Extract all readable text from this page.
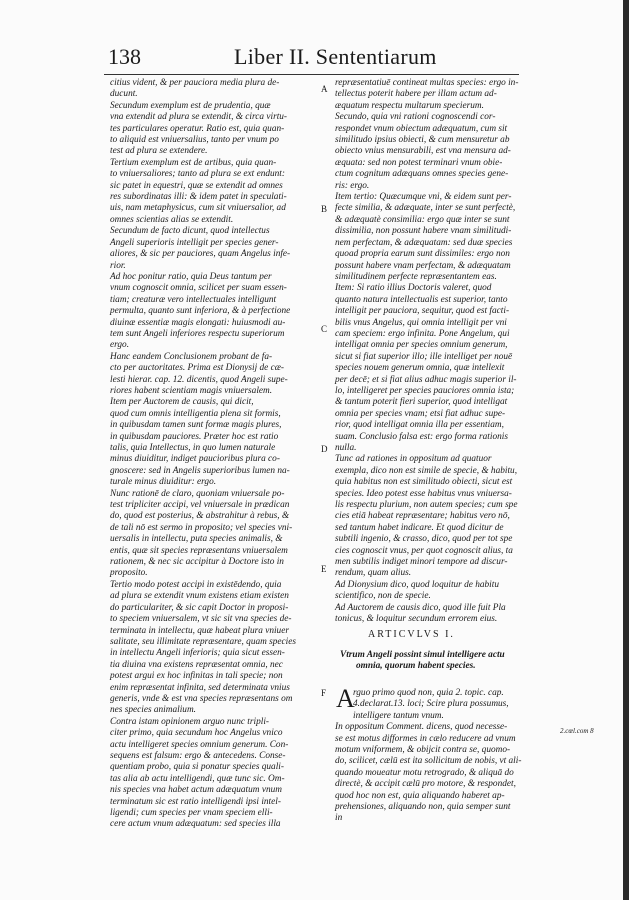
138	Liber II. Sententiarum

citius vident, & per pauciora media plura de-

ducunt.

Secundum exemplum est de prudentia, quæ

vna extendit ad plura se extendit, & circa virtu-

tes particulares operatur. Ratio est, quia quan-

to aliquid est vniuersalius, tanto per vnum po

test ad plura se extendere.

Tertium exemplum est de artibus, quia quan-

to vniuersaliores; tanto ad plura se ext endunt:

sic patet in equestri, quæ se extendit ad omnes

res subordinatas illi: & idem patet in speculati-

uis, nam metaphysicus, cum sit vniuersalior, ad

omnes scientias alias se extendit.

Secundum de facto dicunt, quod intellectus

Angeli superioris intelligit per species gener-

aliores, & sic per pauciores, quam Angelus infe-

rior.

Ad hoc ponitur ratio, quia Deus tantum per

vnum cognoscit omnia, scilicet per suam essen-

tiam; creaturæ vero intellectuales intelligunt

permulta, quanto sunt inferiora, & à perfectione

diuinæ essentiæ magis elongati: huiusmodi au-

tem sunt Angeli inferiores respectu superiorum

ergo.

Hanc eandem Conclusionem probant de fa-

cto per auctoritates. Prima est Dionysij de cæ-

lesti hierar. cap. 12. dicentis, quod Angeli supe-

riores habent scientiam magis vniuersalem.

Item per Auctorem de causis, qui dicit,

quod cum omnis intelligentia plena sit formis,

in quibusdam tamen sunt formæ magis plures,

in quibusdam pauciores. Præter hoc est ratio

talis, quia Intellectus, in quo lumen naturale

minus diuiditur, indiget paucioribus plura co-

gnoscere: sed in Angelis superioribus lumen na-

turale minus diuiditur: ergo.

Nunc rationē de claro, quoniam vniuersale po-

test tripliciter accipi, vel vniuersale in prædican

do, quod est posterius, & abstrahitur à rebus, &

de tali nō est sermo in proposito; vel species vni-

uersalis in intellectu, puta species animalis, &

entis, quæ sit species repræsentans vniuersalem

rationem, & nec sic accipitur à Doctore isto in

proposito.

Tertio modo potest accipi in existēdendo, quia

ad plura se extendit vnum existens etiam existen

do particulariter, & sic capit Doctor in proposi-

to speciem vniuersalem, vt sic sit vna species de-

terminata in intellectu, quæ habeat plura vniuer

salitate, seu illimitate repræsentare, quam species

in intellectu Angeli inferioris; quia sicut essen-

tia diuina vna existens repræsentat omnia, nec

potest argui ex hoc infinitas in tali specie; non

enim repræsentat infinita, sed determinata vnius

generis, vnde & est vna species repræsentans om

nes species animalium.

Contra istam opinionem arguo nunc tripli-

citer primo, quia secundum hoc Angelus vnico

actu intelligeret species omnium generum. Con-

sequens est falsum: ergo & antecedens. Conse-

quentiam probo, quia si ponatur species quali-

tas alia ab actu intelligendi, quæ tunc sic. Om-

nis species vna habet actum adæquatum vnum

terminatum sic est ratio intelligendi ipsi intel-

ligendi; cum species per vnam speciem elli-

cere actum vnum adæquatum: sed species illa

repræsentatiuē contineat multas species: ergo in-

tellectus poterit habere per illam actum ad-

æquatum respectu multarum specierum.

Secundo, quia vni rationi cognoscendi cor-

respondet vnum obiectum adæquatum, cum sit

similitudo ipsius obiecti, & cum mensuretur ab

obiecto vnius mensurabili, est vna mensura ad-

æquata: sed non potest terminari vnum obie-

ctum cognitum adæquans omnes species gene-

ris: ergo.

Item tertio: Quæcumque vni, & eidem sunt per-

fecte similia, & adæquate, inter se sunt perfectè,

& adæquatè consimilia: ergo quæ inter se sunt

dissimilia, non possunt habere vnam similitudi-

nem perfectam, & adæquatam: sed duæ species

quoad propria earum sunt dissimiles: ergo non

possunt habere vnam perfectam, & adæquatam

similitudinem perfecte repræsentantem eas.

Item: Si ratio illius Doctoris valeret, quod

quanto natura intellectualis est superior, tanto

intelligit per pauciora, sequitur, quod est facti-

bilis vnus Angelus, qui omnia intelligit per vni

cam speciem: ergo infinita. Pone Angelum, qui

intelligat omnia per species omnium generum,

sicut si fiat superior illo; ille intelliget per nouē

species nouem generum omnia, quæ intellexit

per decē; et si fiat alius adhuc magis superior il-

lo, intelligeret per species pauciores omnia ista;

& tantum poterit fieri superior, quod intelligat

omnia per species vnam; etsi fiat adhuc supe-

rior, quod intelligat omnia illa per essentiam,

suam. Conclusio falsa est: ergo forma rationis

nulla.

Tunc ad rationes in oppositum ad quatuor

exempla, dico non est simile de specie, & habitu,

quia habitus non est similitudo obiecti, sicut est

species. Ideo potest esse habitus vnus vniuersa-

lis respectu plurium, non autem species; cum spe

cies etiā habeat repræsentare; habitus vero nō,

sed tantum habet indicare. Et quod dicitur de

subtili ingenio, & crasso, dico, quod per tot spe

cies cognoscit vnus, per quot cognoscit alius, ta

men subtilis indiget minori tempore ad discur-

rendum, quam alius.

Ad Dionysium dico, quod loquitur de habitu

scientifico, non de specie.

Ad Auctorem de causis dico, quod ille fuit Pla

tonicus, & loquitur secundum errorem eius.

A
B
C
D
E
F
ARTICVLVS I.

Vtrum Angeli possint simul intelligere actu

omnia, quorum habent species.

A

rguo primo quod non, quia 2. topic. cap.

4.declarat.13. loci; Scire plura possumus,

intelligere tantum vnum.

In oppositum Comment. dicens, quod necesse-

se est motus difformes in cælo reducere ad vnum

motum vniformem, & obijcit contra se, quomo-

do, scilicet, cælū est ita sollicitum de nobis, vt ali-

quando moueatur motu retrogrado, & aliquā do

directè, & accipit cælū pro motore, & respondet,

quod hoc non est, quia aliquando haberet ap-

prehensiones, aliquando non, quia semper sunt

in

2.cœl.com 8
